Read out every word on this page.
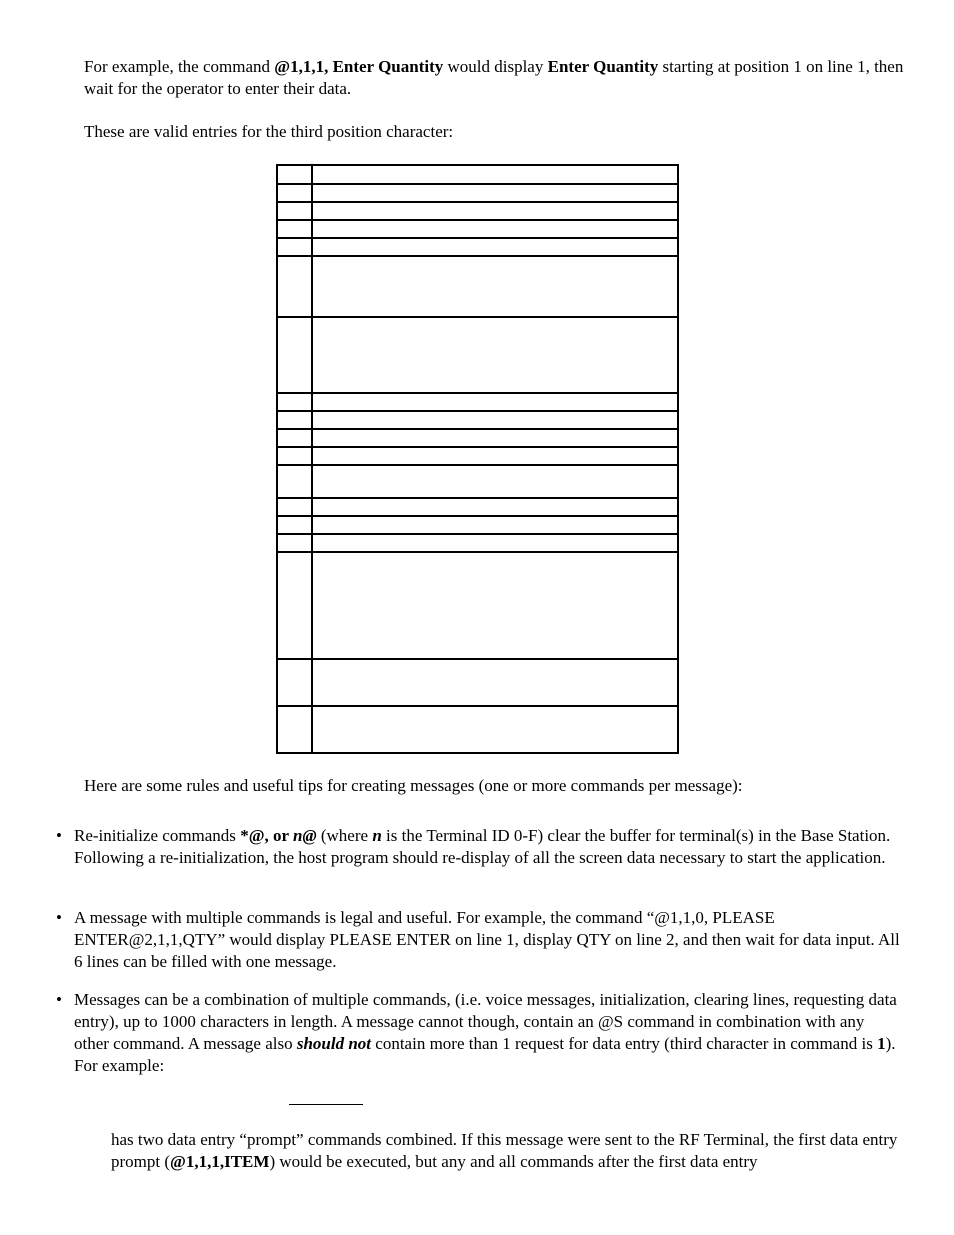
For example, the command @1,1,1, Enter Quantity would display Enter Quantity starting at position 1 on line 1, then wait for the operator to enter their data.

These are valid entries for the third position character:

Here are some rules and useful tips for creating messages (one or more commands per message):

• Re-initialize commands *@, or n@ (where n is the Terminal ID 0-F) clear the buffer for terminal(s) in the Base Station. Following a re-initialization, the host program should re-display of all the screen data necessary to start the application.
• A message with multiple commands is legal and useful. For example, the command “@1,1,0, PLEASE ENTER@2,1,1,QTY” would display PLEASE ENTER on line 1, display QTY on line 2, and then wait for data input. All 6 lines can be filled with one message.
• Messages can be a combination of multiple commands, (i.e. voice messages, initialization, clearing lines, requesting data entry), up to 1000 characters in length. A message cannot though, contain an @S command in combination with any other command. A message also should not contain more than 1 request for data entry (third character in command is 1). For example:

has two data entry “prompt” commands combined. If this message were sent to the RF Terminal, the first data entry prompt (@1,1,1,ITEM) would be executed, but any and all commands after the first data entry
